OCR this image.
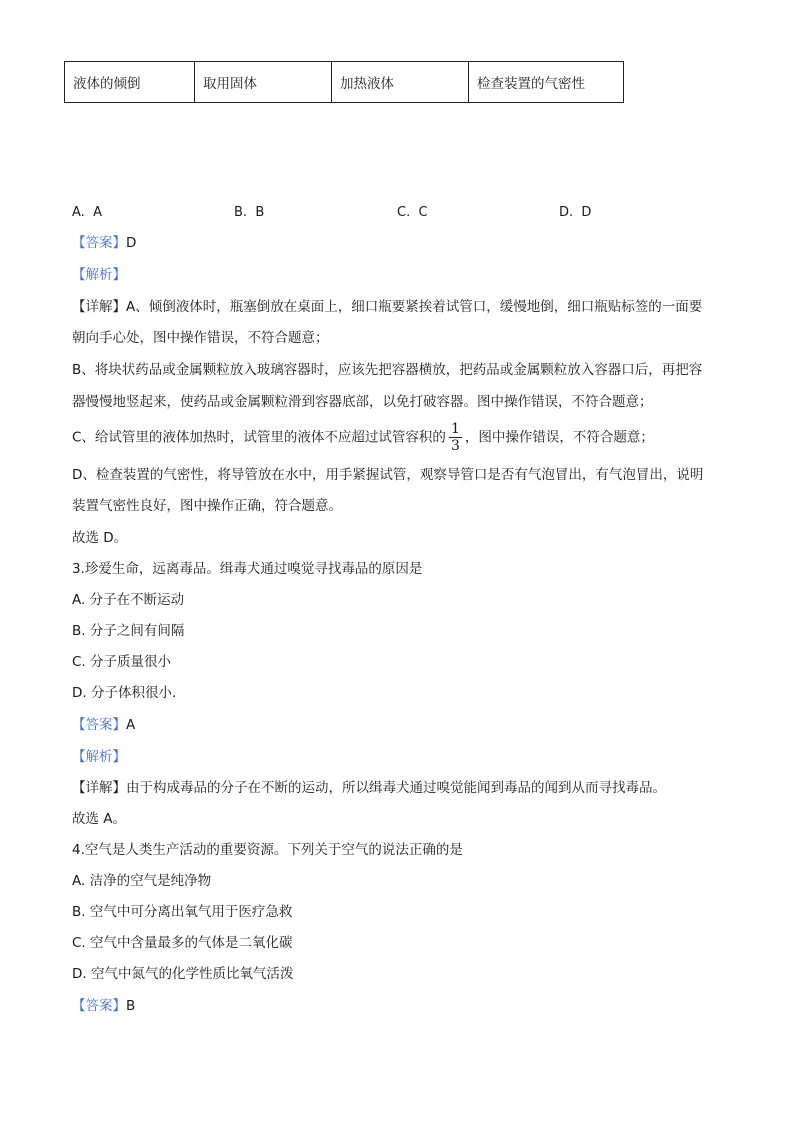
液体的倾倒	取用固体	加热液体	检查装置的气密性
A. A	B. B	C. C	D. D
【答案】D
【解析】
【详解】A、倾倒液体时，瓶塞倒放在桌面上，细口瓶要紧挨着试管口，缓慢地倒，细口瓶贴标签的一面要
朝向手心处，图中操作错误，不符合题意；
B、将块状药品或金属颗粒放入玻璃容器时，应该先把容器横放，把药品或金属颗粒放入容器口后，再把容
器慢慢地竖起来，使药品或金属颗粒滑到容器底部，以免打破容器。图中操作错误，不符合题意；
C、给试管里的液体加热时，试管里的液体不应超过试管容积的 $\frac{1}{3}$ ，图中操作错误，不符合题意；
D、检查装置的气密性，将导管放在水中，用手紧握试管，观察导管口是否有气泡冒出，有气泡冒出，说明
装置气密性良好，图中操作正确，符合题意。
故选 D。
3.珍爱生命，远离毒品。缉毒犬通过嗅觉寻找毒品的原因是
A. 分子在不断运动
B. 分子之间有间隔
C. 分子质量很小
D. 分子体积很小.
【答案】A
【解析】
【详解】由于构成毒品的分子在不断的运动，所以缉毒犬通过嗅觉能闻到毒品的闻到从而寻找毒品。
故选 A。
4.空气是人类生产活动的重要资源。下列关于空气的说法正确的是
A. 洁净的空气是纯净物
B. 空气中可分离出氧气用于医疗急救
C. 空气中含量最多的气体是二氧化碳
D. 空气中氮气的化学性质比氧气活泼
【答案】B
